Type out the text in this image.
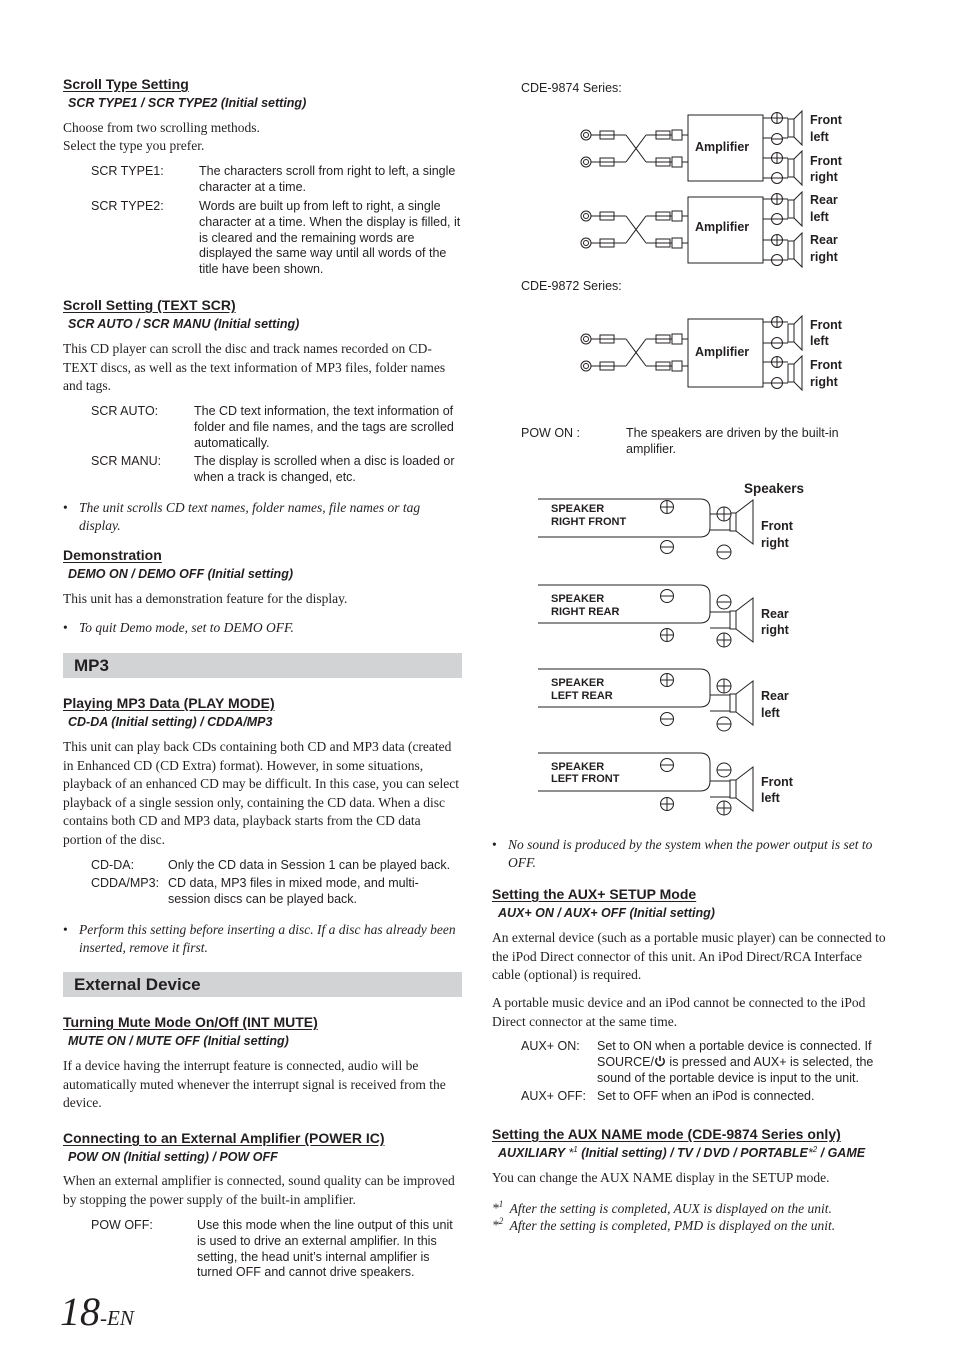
Scroll Type Setting
SCR TYPE1 / SCR TYPE2 (Initial setting)
Choose from two scrolling methods.
Select the type you prefer.
SCR TYPE1:	The characters scroll from right to left, a single character at a time.
SCR TYPE2:	Words are built up from left to right, a single character at a time. When the display is filled, it is cleared and the remaining words are displayed the same way until all words of the title have been shown.
Scroll Setting (TEXT SCR)
SCR AUTO / SCR MANU (Initial setting)
This CD player can scroll the disc and track names recorded on CD-TEXT discs, as well as the text information of MP3 files, folder names and tags.
SCR AUTO:	The CD text information, the text information of folder and file names, and the tags are scrolled automatically.
SCR MANU:	The display is scrolled when a disc is loaded or when a track is changed, etc.
• The unit scrolls CD text names, folder names, file names or tag display.
Demonstration
DEMO ON / DEMO OFF (Initial setting)
This unit has a demonstration feature for the display.
• To quit Demo mode, set to DEMO OFF.
MP3
Playing MP3 Data (PLAY MODE)
CD-DA (Initial setting) / CDDA/MP3
This unit can play back CDs containing both CD and MP3 data (created in Enhanced CD (CD Extra) format). However, in some situations, playback of an enhanced CD may be difficult. In this case, you can select playback of a single session only, containing the CD data. When a disc contains both CD and MP3 data, playback starts from the CD data portion of the disc.
CD-DA:	Only the CD data in Session 1 can be played back.
CDDA/MP3: CD data, MP3 files in mixed mode, and multi-session discs can be played back.
• Perform this setting before inserting a disc. If a disc has already been inserted, remove it first.
External Device
Turning Mute Mode On/Off (INT MUTE)
MUTE ON / MUTE OFF (Initial setting)
If a device having the interrupt feature is connected, audio will be automatically muted whenever the interrupt signal is received from the device.
Connecting to an External Amplifier (POWER IC)
POW ON (Initial setting) / POW OFF
When an external amplifier is connected, sound quality can be improved by stopping the power supply of the built-in amplifier.
POW OFF:	Use this mode when the line output of this unit is used to drive an external amplifier. In this setting, the head unit’s internal amplifier is turned OFF and cannot drive speakers.
18-EN
CDE-9874 Series:
Amplifier
Amplifier
Front
left
Front
right
Rear
left
Rear
right
CDE-9872 Series:
Amplifier
Front
left
Front
right
POW ON :	The speakers are driven by the built-in amplifier.
Speakers
SPEAKER
RIGHT FRONT
SPEAKER
RIGHT REAR
SPEAKER
LEFT REAR
SPEAKER
LEFT FRONT
Front
right
Rear
right
Rear
left
Front
left
• No sound is produced by the system when the power output is set to OFF.
Setting the AUX+ SETUP Mode
AUX+ ON / AUX+ OFF (Initial setting)
An external device (such as a portable music player) can be connected to the iPod Direct connector of this unit. An iPod Direct/RCA Interface cable (optional) is required.
A portable music device and an iPod cannot be connected to the iPod Direct connector at the same time.
AUX+ ON: Set to ON when a portable device is connected. If SOURCE/ is pressed and AUX+ is selected, the sound of the portable device is input to the unit.
AUX+ OFF: Set to OFF when an iPod is connected.
Setting the AUX NAME mode (CDE-9874 Series only)
AUXILIARY *$^1$ (Initial setting) / TV / DVD / PORTABLE*$^2$ / GAME
You can change the AUX NAME display in the SETUP mode.
*$^1$ After the setting is completed, AUX is displayed on the unit.
*$^2$ After the setting is completed, PMD is displayed on the unit.
